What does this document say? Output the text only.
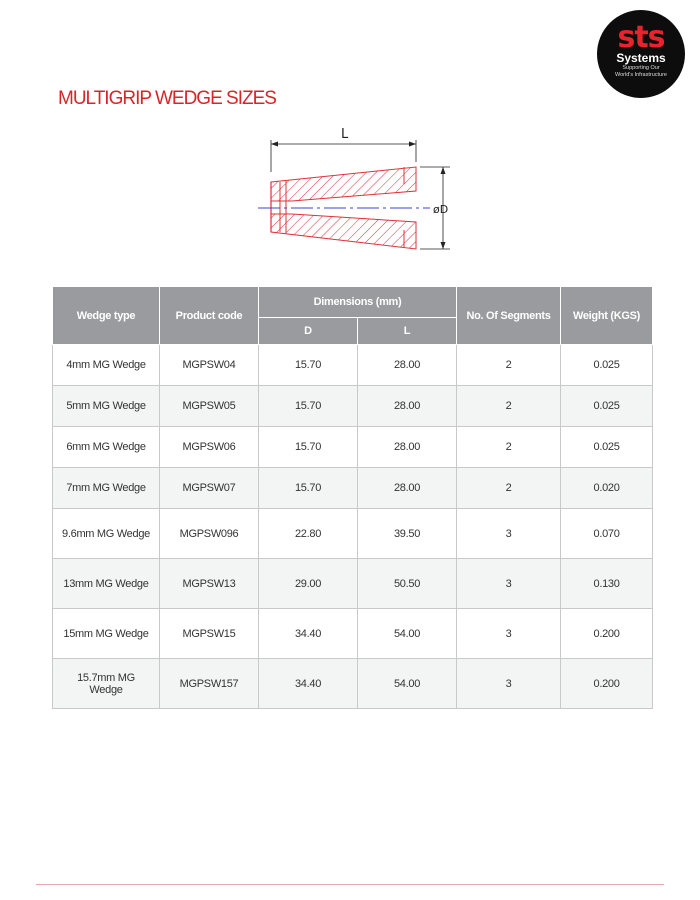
sts
Systems
Supporting Our
World's Infrastructure
MULTIGRIP WEDGE SIZES
L
øD
Wedge type	Product code	Dimensions (mm)		No. Of Segments	Weight (KGS)
		D	L		
4mm MG Wedge	MGPSW04	15.70	28.00	2	0.025
5mm MG Wedge	MGPSW05	15.70	28.00	2	0.025
6mm MG Wedge	MGPSW06	15.70	28.00	2	0.025
7mm MG Wedge	MGPSW07	15.70	28.00	2	0.020
9.6mm MG Wedge	MGPSW096	22.80	39.50	3	0.070
13mm MG Wedge	MGPSW13	29.00	50.50	3	0.130
15mm MG Wedge	MGPSW15	34.40	54.00	3	0.200
15.7mm MG Wedge	MGPSW157	34.40	54.00	3	0.200
